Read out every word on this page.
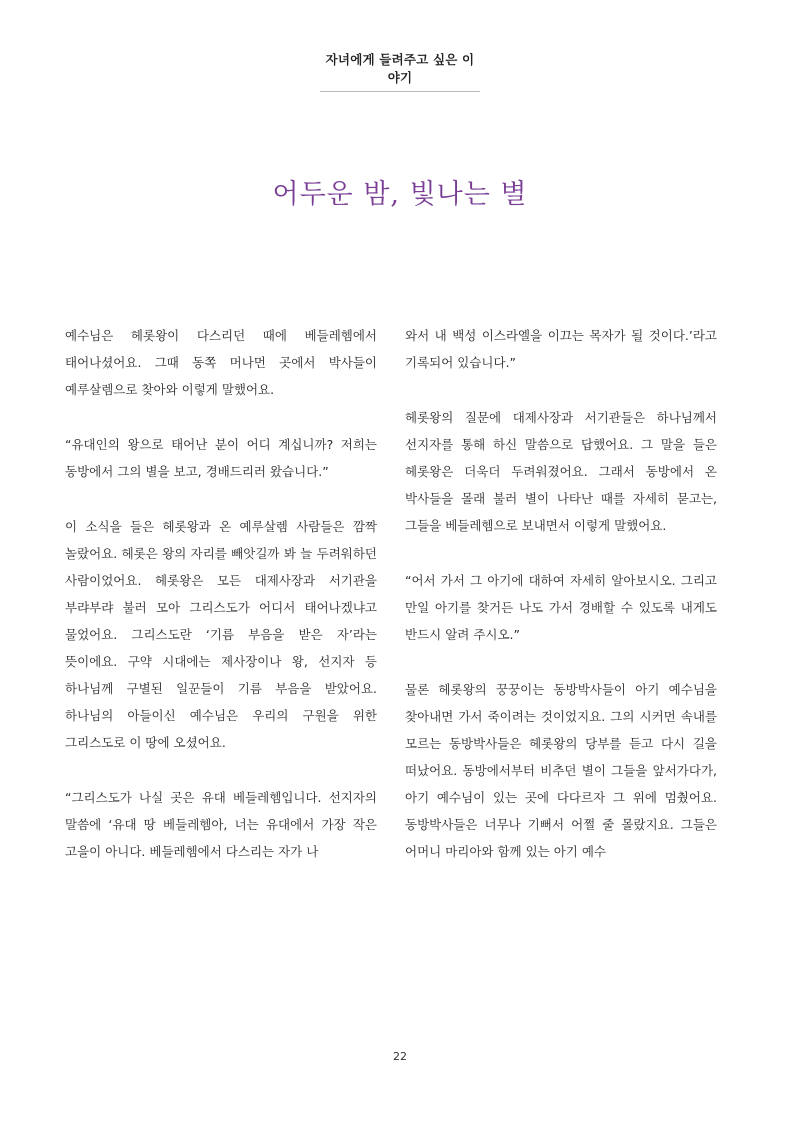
자녀에게 들려주고 싶은 이야기
어두운 밤, 빛나는 별

예수님은 헤롯왕이 다스리던 때에 베들레헴에서 태어나셨어요. 그때 동쪽 머나먼 곳에서 박사들이 예루살렘으로 찾아와 이렇게 말했어요.

“유대인의 왕으로 태어난 분이 어디 계십니까? 저희는 동방에서 그의 별을 보고, 경배드리러 왔습니다.”

이 소식을 들은 헤롯왕과 온 예루살렘 사람들은 깜짝 놀랐어요. 헤롯은 왕의 자리를 빼앗길까 봐 늘 두려워하던 사람이었어요. 헤롯왕은 모든 대제사장과 서기관을 부랴부랴 불러 모아 그리스도가 어디서 태어나겠냐고 물었어요. 그리스도란 ‘기름 부음을 받은 자’라는 뜻이에요. 구약 시대에는 제사장이나 왕, 선지자 등 하나님께 구별된 일꾼들이 기름 부음을 받았어요. 하나님의 아들이신 예수님은 우리의 구원을 위한 그리스도로 이 땅에 오셨어요.

“그리스도가 나실 곳은 유대 베들레헴입니다. 선지자의 말씀에 ‘유대 땅 베들레헴아, 너는 유대에서 가장 작은 고을이 아니다. 베들레헴에서 다스리는 자가 나

와서 내 백성 이스라엘을 이끄는 목자가 될 것이다.’라고 기록되어 있습니다.”

헤롯왕의 질문에 대제사장과 서기관들은 하나님께서 선지자를 통해 하신 말씀으로 답했어요. 그 말을 들은 헤롯왕은 더욱더 두려워졌어요. 그래서 동방에서 온 박사들을 몰래 불러 별이 나타난 때를 자세히 묻고는, 그들을 베들레헴으로 보내면서 이렇게 말했어요.

“어서 가서 그 아기에 대하여 자세히 알아보시오. 그리고 만일 아기를 찾거든 나도 가서 경배할 수 있도록 내게도 반드시 알려 주시오.”

물론 헤롯왕의 꿍꿍이는 동방박사들이 아기 예수님을 찾아내면 가서 죽이려는 것이었지요. 그의 시커먼 속내를 모르는 동방박사들은 헤롯왕의 당부를 듣고 다시 길을 떠났어요. 동방에서부터 비추던 별이 그들을 앞서가다가, 아기 예수님이 있는 곳에 다다르자 그 위에 멈췄어요. 동방박사들은 너무나 기뻐서 어쩔 줄 몰랐지요. 그들은 어머니 마리아와 함께 있는 아기 예수

22
